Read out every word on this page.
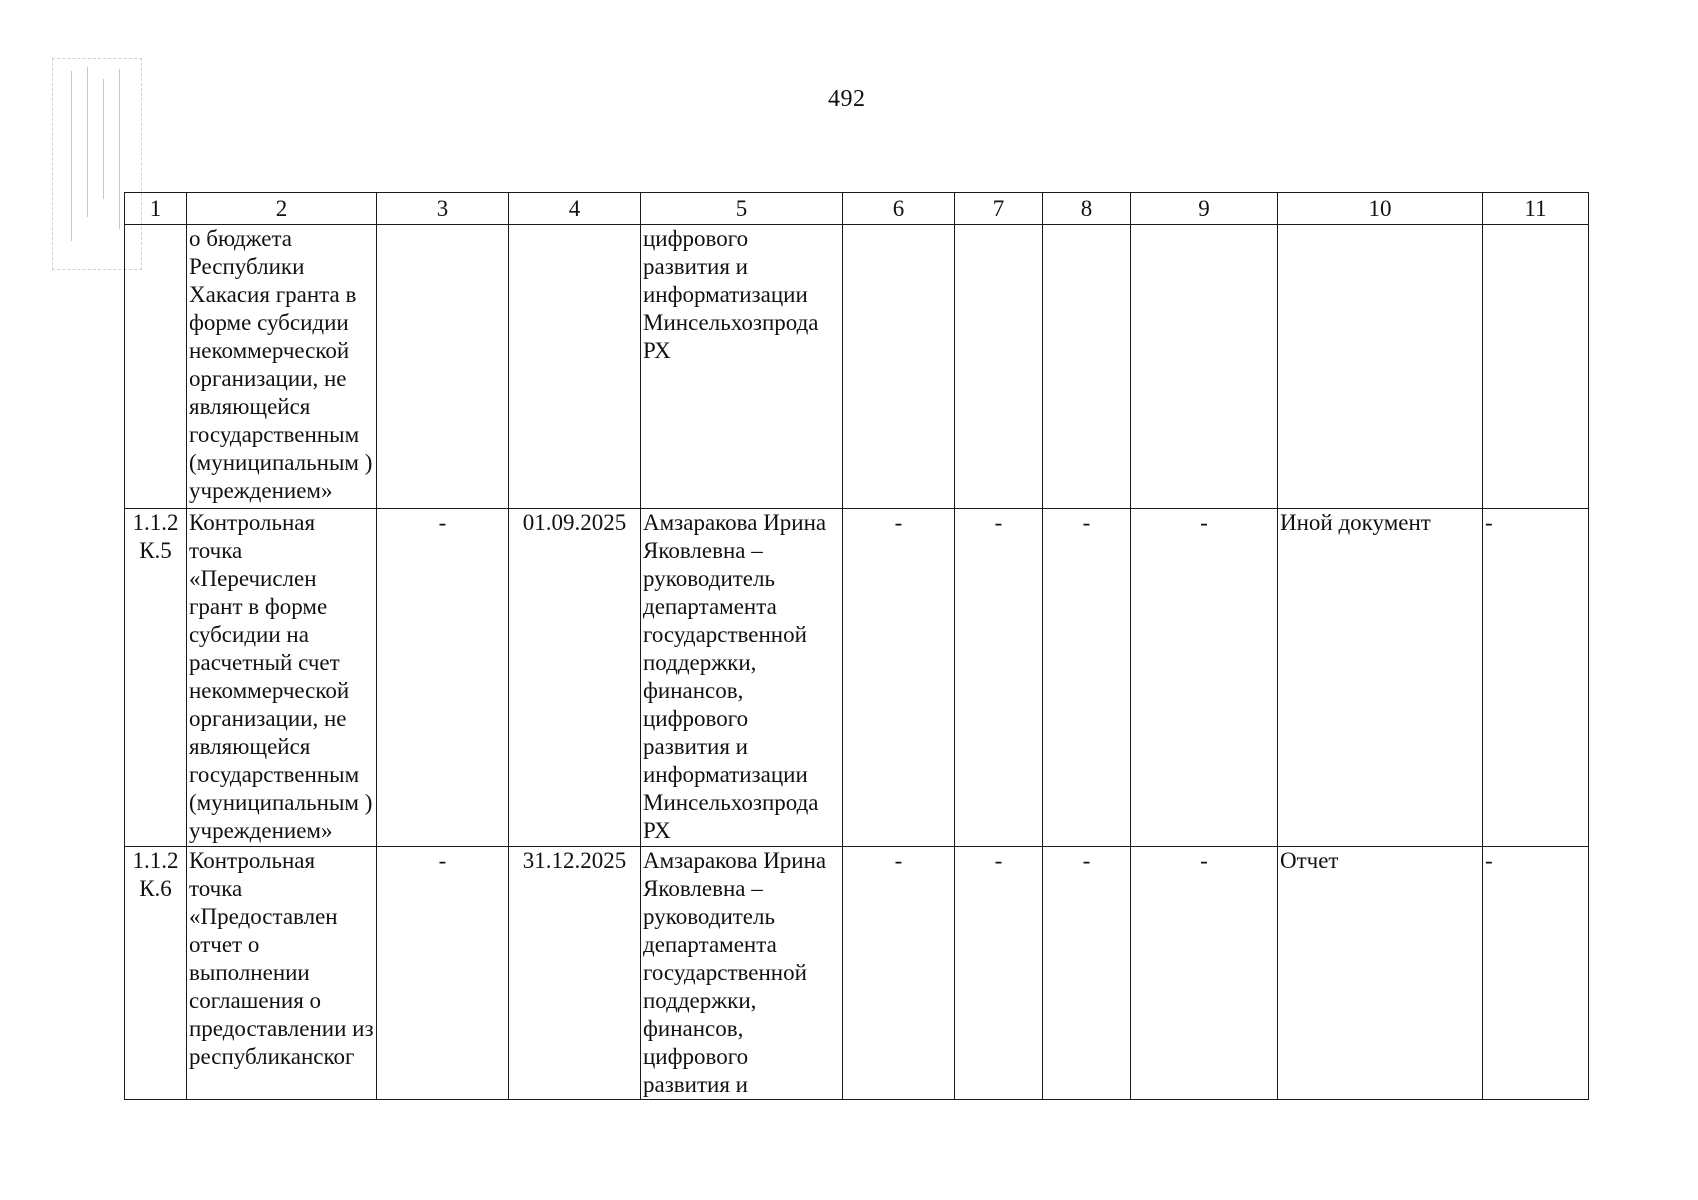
492
1	2	3	4	5	6	7	8	9	10	11
	о бюджета Республики Хакасия гранта в форме субсидии некоммерческой организации, не являющейся государственным (муниципальным ) учреждением»			цифрового развития и информатизации Минсельхозпрода РХ						
1.1.2 К.5	Контрольная точка «Перечислен грант в форме субсидии на расчетный счет некоммерческой организации, не являющейся государственным (муниципальным ) учреждением»	-	01.09.2025	Амзаракова Ирина Яковлевна – руководитель департамента государственной поддержки, финансов, цифрового развития и информатизации Минсельхозпрода РХ	-	-	-	-	Иной документ	-
1.1.2 К.6	Контрольная точка «Предоставлен отчет о выполнении соглашения о предоставлении из республиканског	-	31.12.2025	Амзаракова Ирина Яковлевна – руководитель департамента государственной поддержки, финансов, цифрового развития и	-	-	-	-	Отчет	-
